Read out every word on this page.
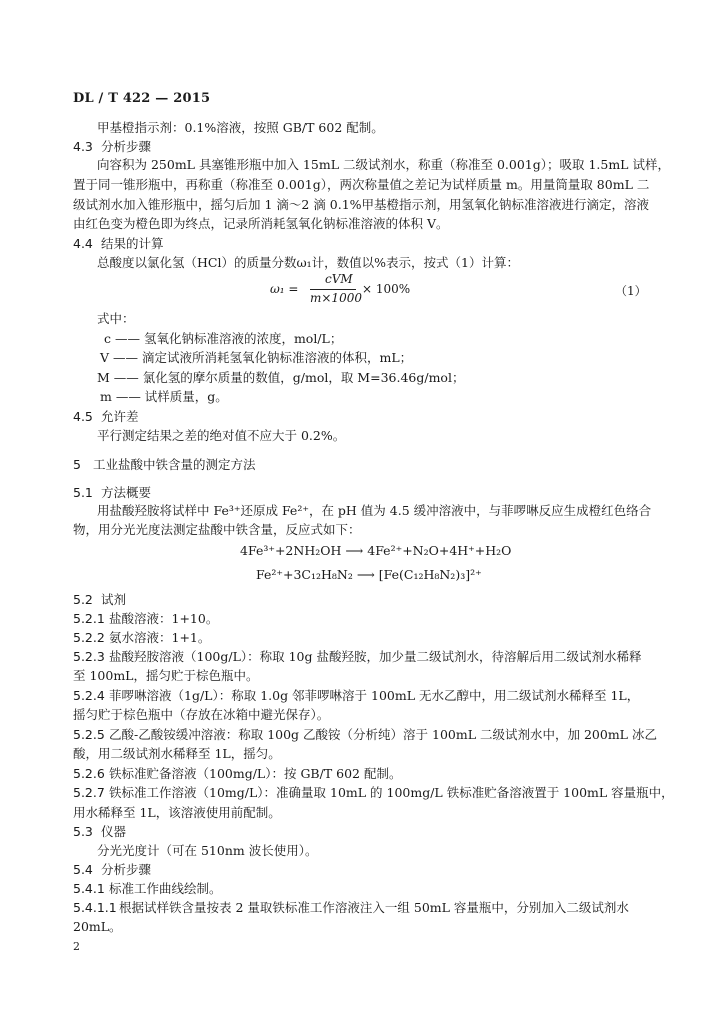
DL / T 422 — 2015
甲基橙指示剂：0.1%溶液，按照 GB/T 602 配制。
4.3 分析步骤
向容积为 250mL 具塞锥形瓶中加入 15mL 二级试剂水，称重（称准至 0.001g）；吸取 1.5mL 试样，
置于同一锥形瓶中，再称重（称准至 0.001g），两次称量值之差记为试样质量 m。用量筒量取 80mL 二
级试剂水加入锥形瓶中，摇匀后加 1 滴～2 滴 0.1%甲基橙指示剂，用氢氧化钠标准溶液进行滴定，溶液
由红色变为橙色即为终点，记录所消耗氢氧化钠标准溶液的体积 V。
4.4 结果的计算
总酸度以氯化氢（HCl）的质量分数ω₁计，数值以%表示，按式（1）计算：
ω₁ =
cVM
m×1000
× 100%	（1）
式中：
c —— 氢氧化钠标准溶液的浓度，mol/L；
V —— 滴定试液所消耗氢氧化钠标准溶液的体积，mL；
M —— 氯化氢的摩尔质量的数值，g/mol，取 M=36.46g/mol；
m —— 试样质量，g。
4.5 允许差
平行测定结果之差的绝对值不应大于 0.2%。
5 工业盐酸中铁含量的测定方法
5.1 方法概要
用盐酸羟胺将试样中 Fe³⁺还原成 Fe²⁺，在 pH 值为 4.5 缓冲溶液中，与菲啰啉反应生成橙红色络合
物，用分光光度法测定盐酸中铁含量，反应式如下：
4Fe³⁺+2NH₂OH ⟶ 4Fe²⁺+N₂O+4H⁺+H₂O
Fe²⁺+3C₁₂H₈N₂ ⟶ [Fe(C₁₂H₈N₂)₃]²⁺
5.2 试剂
5.2.1 盐酸溶液：1+10。
5.2.2 氨水溶液：1+1。
5.2.3 盐酸羟胺溶液（100g/L）：称取 10g 盐酸羟胺，加少量二级试剂水，待溶解后用二级试剂水稀释
至 100mL，摇匀贮于棕色瓶中。
5.2.4 菲啰啉溶液（1g/L）：称取 1.0g 邻菲啰啉溶于 100mL 无水乙醇中，用二级试剂水稀释至 1L，
摇匀贮于棕色瓶中（存放在冰箱中避光保存）。
5.2.5 乙酸-乙酸铵缓冲溶液：称取 100g 乙酸铵（分析纯）溶于 100mL 二级试剂水中，加 200mL 冰乙
酸，用二级试剂水稀释至 1L，摇匀。
5.2.6 铁标准贮备溶液（100mg/L）：按 GB/T 602 配制。
5.2.7 铁标准工作溶液（10mg/L）：准确量取 10mL 的 100mg/L 铁标准贮备溶液置于 100mL 容量瓶中，
用水稀释至 1L，该溶液使用前配制。
5.3 仪器
分光光度计（可在 510nm 波长使用）。
5.4 分析步骤
5.4.1 标准工作曲线绘制。
5.4.1.1 根据试样铁含量按表 2 量取铁标准工作溶液注入一组 50mL 容量瓶中，分别加入二级试剂水
20mL。
2
